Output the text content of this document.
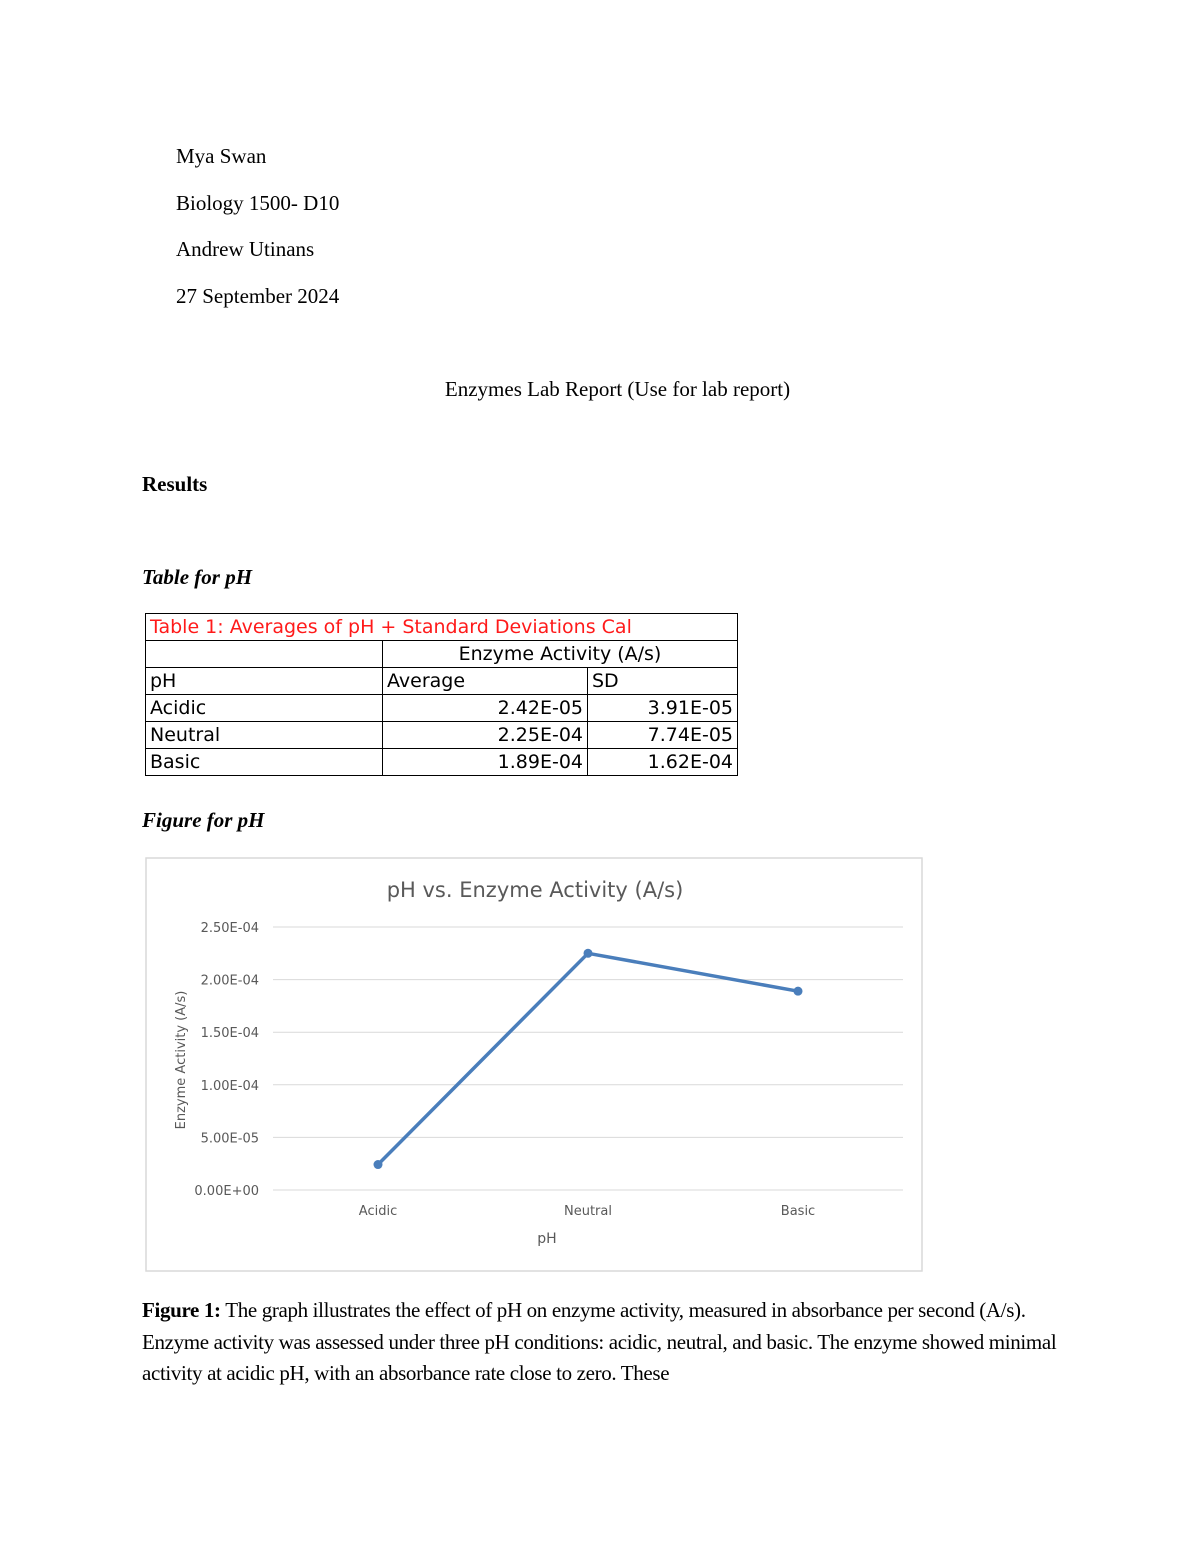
Mya Swan
Biology 1500- D10
Andrew Utinans
27 September 2024
Enzymes Lab Report (Use for lab report)
Results
Table for pH
Table 1: Averages of pH + Standard Deviations Cal		
	Enzyme Activity (A/s)	
pH	Average	SD
Acidic	2.42E-05	3.91E-05
Neutral	2.25E-04	7.74E-05
Basic	1.89E-04	1.62E-04
Figure for pH
pH vs. Enzyme Activity (A/s)
0.00E+00
5.00E-05
1.00E-04
1.50E-04
2.00E-04
2.50E-04
Acidic	Neutral	Basic
pH
Enzyme Activity (A/s)
Figure 1: The graph illustrates the effect of pH on enzyme activity, measured in absorbance per second (A/s). Enzyme activity was assessed under three pH conditions: acidic, neutral, and basic. The enzyme showed minimal activity at acidic pH, with an absorbance rate close to zero. These
